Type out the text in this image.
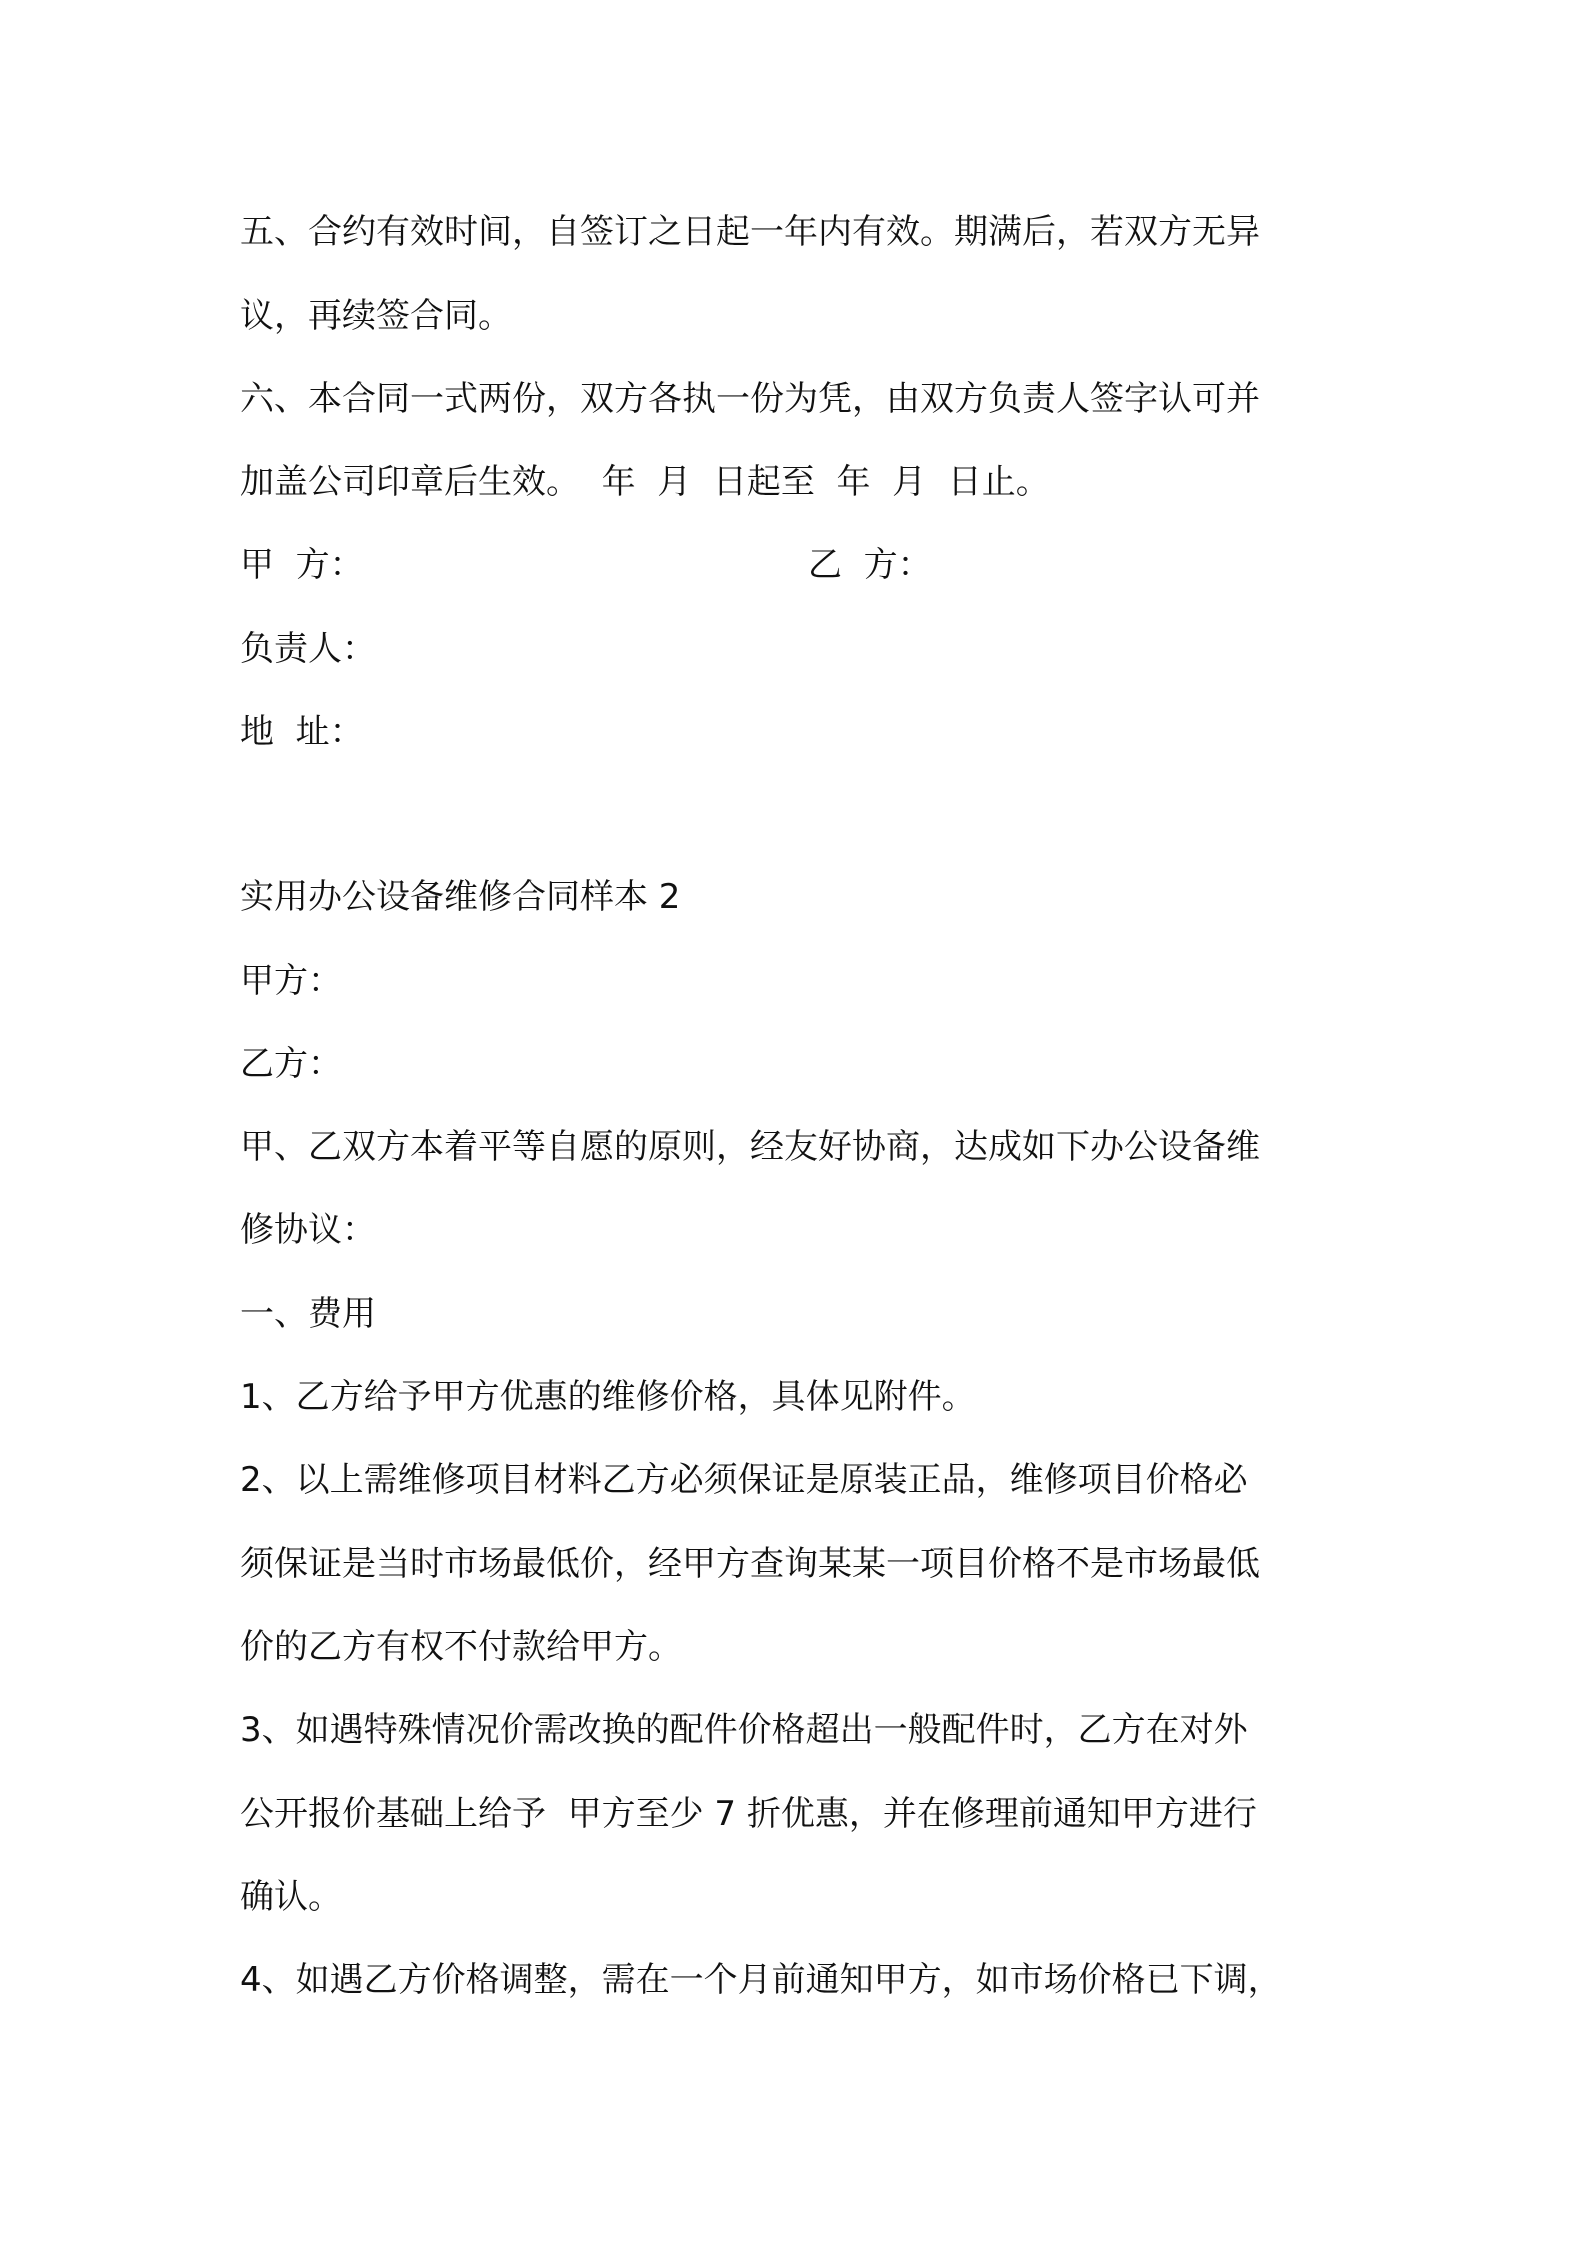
五、合约有效时间，自签订之日起一年内有效。期满后，若双方无异
议，再续签合同。
六、本合同一式两份，双方各执一份为凭，由双方负责人签字认可并
加盖公司印章后生效。  年  月  日起至  年  月  日止。
甲  方：	乙  方：
负责人：
地  址：
实用办公设备维修合同样本 2
甲方：
乙方：
甲、乙双方本着平等自愿的原则，经友好协商，达成如下办公设备维
修协议：
一、费用
1、乙方给予甲方优惠的维修价格，具体见附件。
2、以上需维修项目材料乙方必须保证是原装正品，维修项目价格必
须保证是当时市场最低价，经甲方查询某某一项目价格不是市场最低
价的乙方有权不付款给甲方。
3、如遇特殊情况价需改换的配件价格超出一般配件时，乙方在对外
公开报价基础上给予  甲方至少 7 折优惠，并在修理前通知甲方进行
确认。
4、如遇乙方价格调整，需在一个月前通知甲方，如市场价格已下调，
